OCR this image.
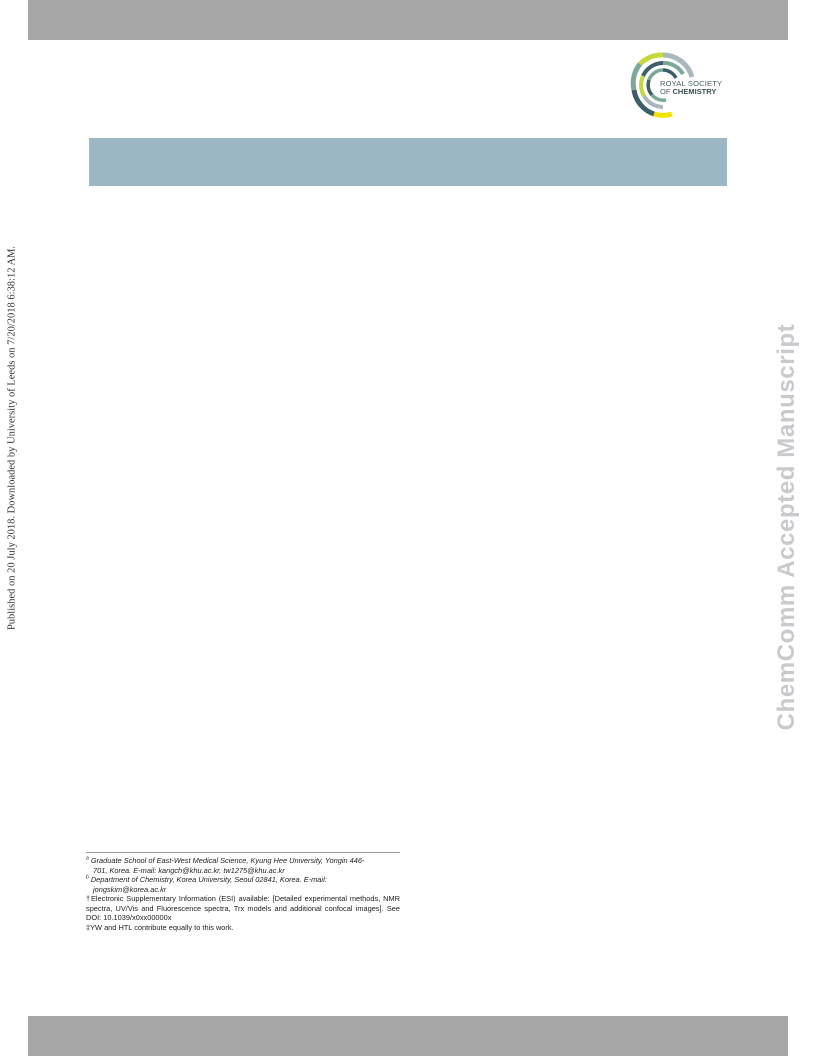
ROYAL SOCIETY
OF CHEMISTRY
Published on 20 July 2018. Downloaded by University of Leeds on 7/20/2018 6:38:12 AM.	ChemComm Accepted Manuscript

$^a$ Graduate School of East-West Medical Science, Kyung Hee University, Yongin 446-

701, Korea. E-mail: kangch@khu.ac.kr, tw1275@khu.ac.kr

$^b$ Department of Chemistry, Korea University, Seoul 02841, Korea. E-mail:

jongskim@korea.ac.kr

†Electronic Supplementary Information (ESI) available: [Detailed experimental methods, NMR spectra, UV/Vis and Fluorescence spectra, Trx models and additional confocal images]. See DOI: 10.1039/x0xx00000x

‡YW and HTL contribute equally to this work.
